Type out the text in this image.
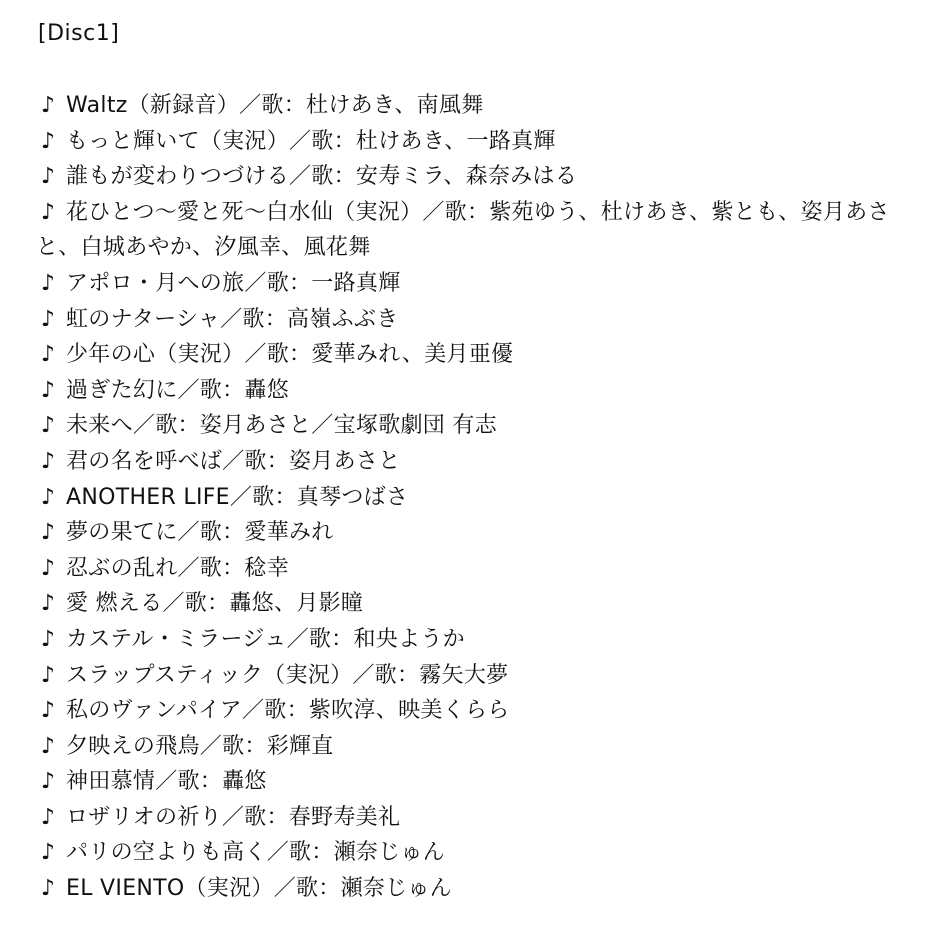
[Disc1]
♪ Waltz（新録音）／歌：杜けあき、南風舞
♪ もっと輝いて（実況）／歌：杜けあき、一路真輝
♪ 誰もが変わりつづける／歌：安寿ミラ、森奈みはる
♪ 花ひとつ〜愛と死〜白水仙（実況）／歌：紫苑ゆう、杜けあき、紫とも、姿月あさと、白城あやか、汐風幸、風花舞
♪ アポロ・月への旅／歌：一路真輝
♪ 虹のナターシャ／歌：高嶺ふぶき
♪ 少年の心（実況）／歌：愛華みれ、美月亜優
♪ 過ぎた幻に／歌：轟悠
♪ 未来へ／歌：姿月あさと／宝塚歌劇団 有志
♪ 君の名を呼べば／歌：姿月あさと
♪ ANOTHER LIFE／歌：真琴つばさ
♪ 夢の果てに／歌：愛華みれ
♪ 忍ぶの乱れ／歌：稔幸
♪ 愛 燃える／歌：轟悠、月影瞳
♪ カステル・ミラージュ／歌：和央ようか
♪ スラップスティック（実況）／歌：霧矢大夢
♪ 私のヴァンパイア／歌：紫吹淳、映美くらら
♪ 夕映えの飛鳥／歌：彩輝直
♪ 神田慕情／歌：轟悠
♪ ロザリオの祈り／歌：春野寿美礼
♪ パリの空よりも高く／歌：瀬奈じゅん
♪ EL VIENTO（実況）／歌：瀬奈じゅん
